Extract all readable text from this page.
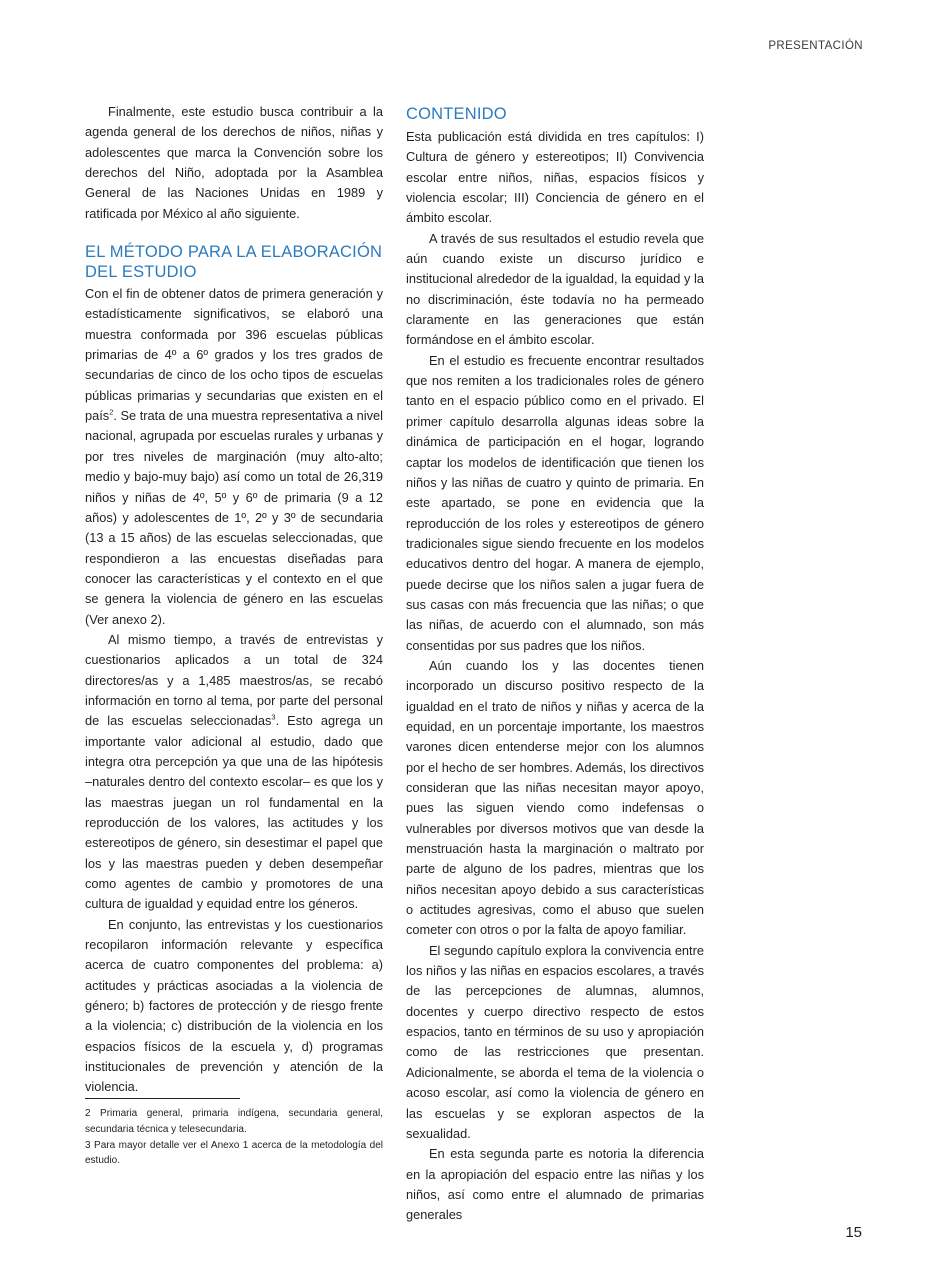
PRESENTACIÓN

Finalmente, este estudio busca contribuir a la agenda general de los derechos de niños, niñas y adolescentes que marca la Convención sobre los derechos del Niño, adoptada por la Asamblea General de las Naciones Unidas en 1989 y ratificada por México al año siguiente.

EL MÉTODO PARA LA ELABORACIÓN DEL ESTUDIO

Con el fin de obtener datos de primera generación y estadísticamente significativos, se elaboró una muestra conformada por 396 escuelas públicas primarias de 4º a 6º grados y los tres grados de secundarias de cinco de los ocho tipos de escuelas públicas primarias y secundarias que existen en el país$^2$. Se trata de una muestra representativa a nivel nacional, agrupada por escuelas rurales y urbanas y por tres niveles de marginación (muy alto-alto; medio y bajo-muy bajo) así como un total de 26,319 niños y niñas de 4º, 5º y 6º de primaria (9 a 12 años) y adolescentes de 1º, 2º y 3º de secundaria (13 a 15 años) de las escuelas seleccionadas, que respondieron a las encuestas diseñadas para conocer las características y el contexto en el que se genera la violencia de género en las escuelas (Ver anexo 2).

Al mismo tiempo, a través de entrevistas y cuestionarios aplicados a un total de 324 directores/as y a 1,485 maestros/as, se recabó información en torno al tema, por parte del personal de las escuelas seleccionadas$^3$. Esto agrega un importante valor adicional al estudio, dado que integra otra percepción ya que una de las hipótesis –naturales dentro del contexto escolar– es que los y las maestras juegan un rol fundamental en la reproducción de los valores, las actitudes y los estereotipos de género, sin desestimar el papel que los y las maestras pueden y deben desempeñar como agentes de cambio y promotores de una cultura de igualdad y equidad entre los géneros.

En conjunto, las entrevistas y los cuestionarios recopilaron información relevante y específica acerca de cuatro componentes del problema: a) actitudes y prácticas asociadas a la violencia de género; b) factores de protección y de riesgo frente a la violencia; c) distribución de la violencia en los espacios físicos de la escuela y, d) programas institucionales de prevención y atención de la violencia.

2 Primaria general, primaria indígena, secundaria general, secundaria técnica y telesecundaria.

3 Para mayor detalle ver el Anexo 1 acerca de la metodología del estudio.

CONTENIDO

Esta publicación está dividida en tres capítulos: I) Cultura de género y estereotipos; II) Convivencia escolar entre niños, niñas, espacios físicos y violencia escolar; III) Conciencia de género en el ámbito escolar.

A través de sus resultados el estudio revela que aún cuando existe un discurso jurídico e institucional alrededor de la igualdad, la equidad y la no discriminación, éste todavía no ha permeado claramente en las generaciones que están formándose en el ámbito escolar.

En el estudio es frecuente encontrar resultados que nos remiten a los tradicionales roles de género tanto en el espacio público como en el privado. El primer capítulo desarrolla algunas ideas sobre la dinámica de participación en el hogar, logrando captar los modelos de identificación que tienen los niños y las niñas de cuatro y quinto de primaria. En este apartado, se pone en evidencia que la reproducción de los roles y estereotipos de género tradicionales sigue siendo frecuente en los modelos educativos dentro del hogar. A manera de ejemplo, puede decirse que los niños salen a jugar fuera de sus casas con más frecuencia que las niñas; o que las niñas, de acuerdo con el alumnado, son más consentidas por sus padres que los niños.

Aún cuando los y las docentes tienen incorporado un discurso positivo respecto de la igualdad en el trato de niños y niñas y acerca de la equidad, en un porcentaje importante, los maestros varones dicen entenderse mejor con los alumnos por el hecho de ser hombres. Además, los directivos consideran que las niñas necesitan mayor apoyo, pues las siguen viendo como indefensas o vulnerables por diversos motivos que van desde la menstruación hasta la marginación o maltrato por parte de alguno de los padres, mientras que los niños necesitan apoyo debido a sus características o actitudes agresivas, como el abuso que suelen cometer con otros o por la falta de apoyo familiar.

El segundo capítulo explora la convivencia entre los niños y las niñas en espacios escolares, a través de las percepciones de alumnas, alumnos, docentes y cuerpo directivo respecto de estos espacios, tanto en términos de su uso y apropiación como de las restricciones que presentan. Adicionalmente, se aborda el tema de la violencia o acoso escolar, así como la violencia de género en las escuelas y se exploran aspectos de la sexualidad.

En esta segunda parte es notoria la diferencia en la apropiación del espacio entre las niñas y los niños, así como entre el alumnado de primarias generales

15
